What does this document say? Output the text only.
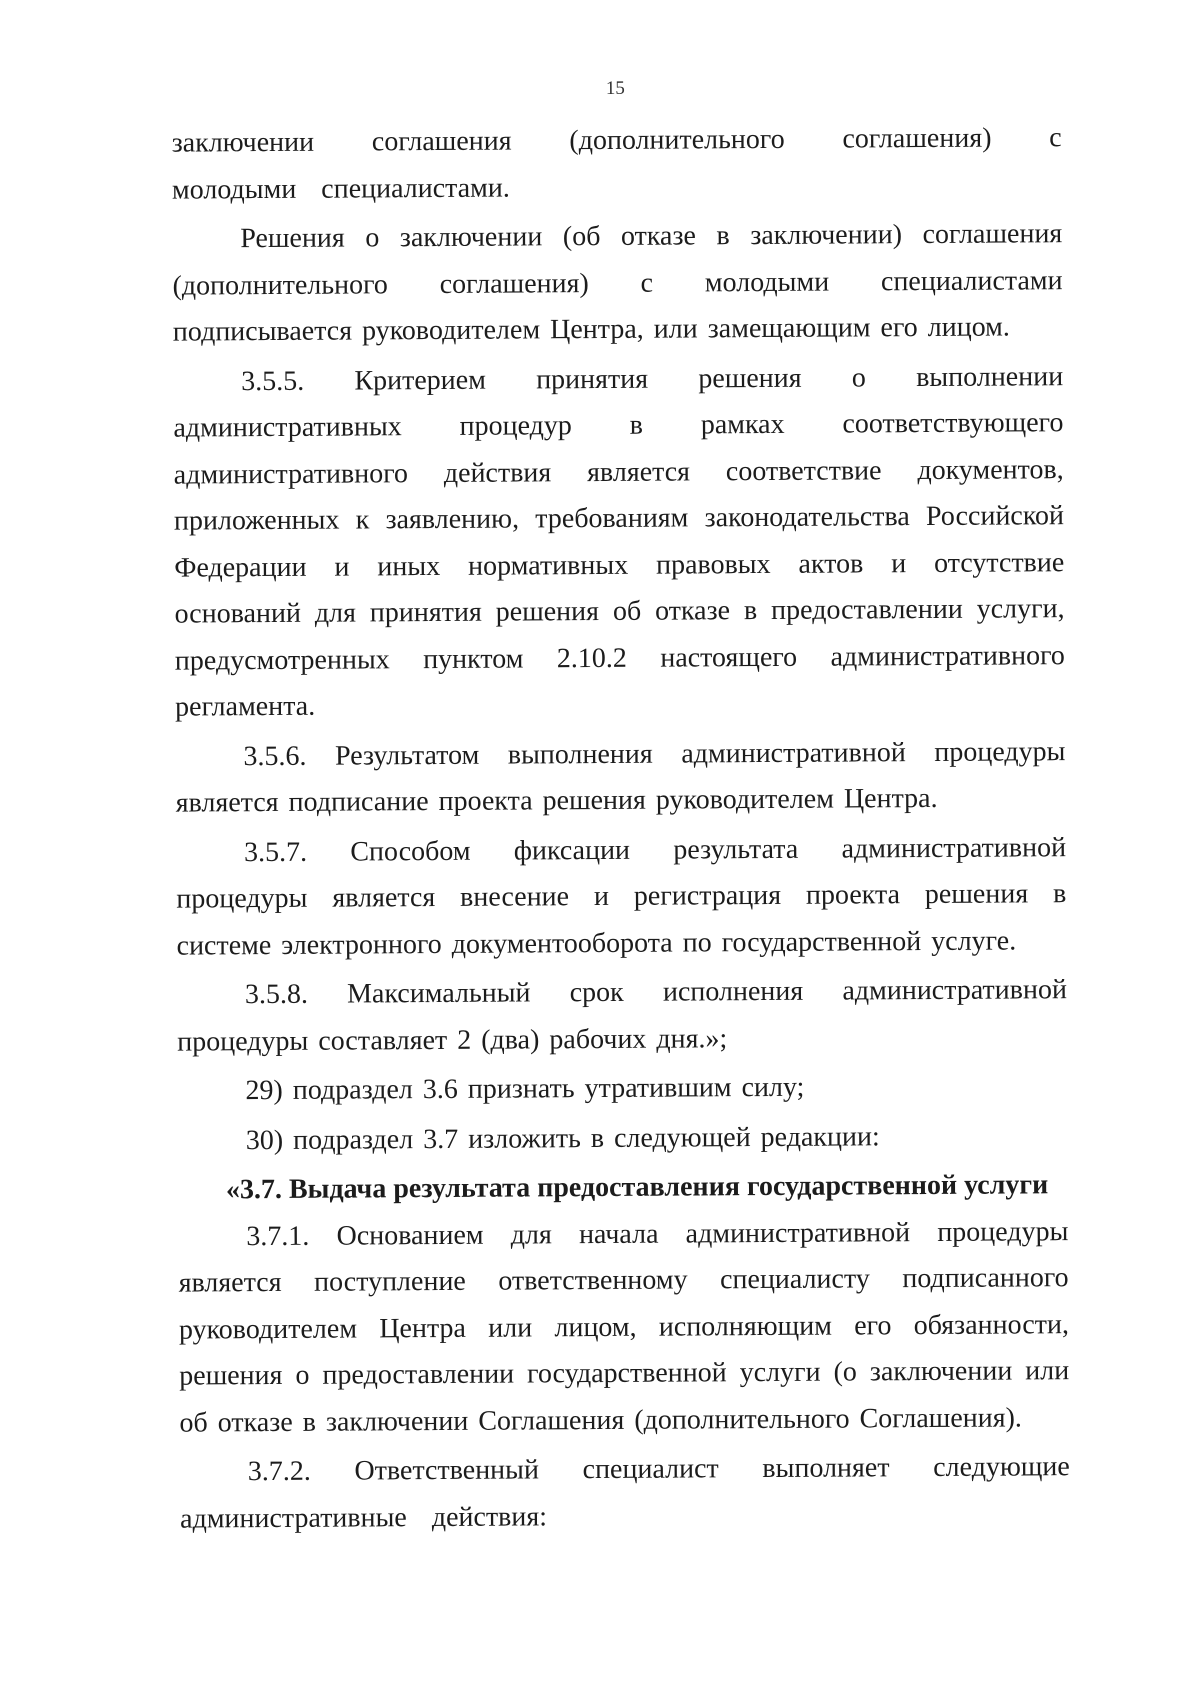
15

заключении соглашения (дополнительного соглашения) с молодыми специалистами.

Решения о заключении (об отказе в заключении) соглашения (дополнительного соглашения) с молодыми специалистами подписывается руководителем Центра, или замещающим его лицом.

3.5.5. Критерием принятия решения о выполнении административных процедур в рамках соответствующего административного действия является соответствие документов, приложенных к заявлению, требованиям законодательства Российской Федерации и иных нормативных правовых актов и отсутствие оснований для принятия решения об отказе в предоставлении услуги, предусмотренных пунктом 2.10.2 настоящего административного регламента.

3.5.6. Результатом выполнения административной процедуры является подписание проекта решения руководителем Центра.

3.5.7. Способом фиксации результата административной процедуры является внесение и регистрация проекта решения в системе электронного документооборота по государственной услуге.

3.5.8. Максимальный срок исполнения административной процедуры составляет 2 (два) рабочих дня.»;

29) подраздел 3.6 признать утратившим силу;

30) подраздел 3.7 изложить в следующей редакции:

«3.7. Выдача результата предоставления государственной услуги

3.7.1. Основанием для начала административной процедуры является поступление ответственному специалисту подписанного руководителем Центра или лицом, исполняющим его обязанности, решения о предоставлении государственной услуги (о заключении или об отказе в заключении Соглашения (дополнительного Соглашения).

3.7.2. Ответственный специалист выполняет следующие административные действия:
